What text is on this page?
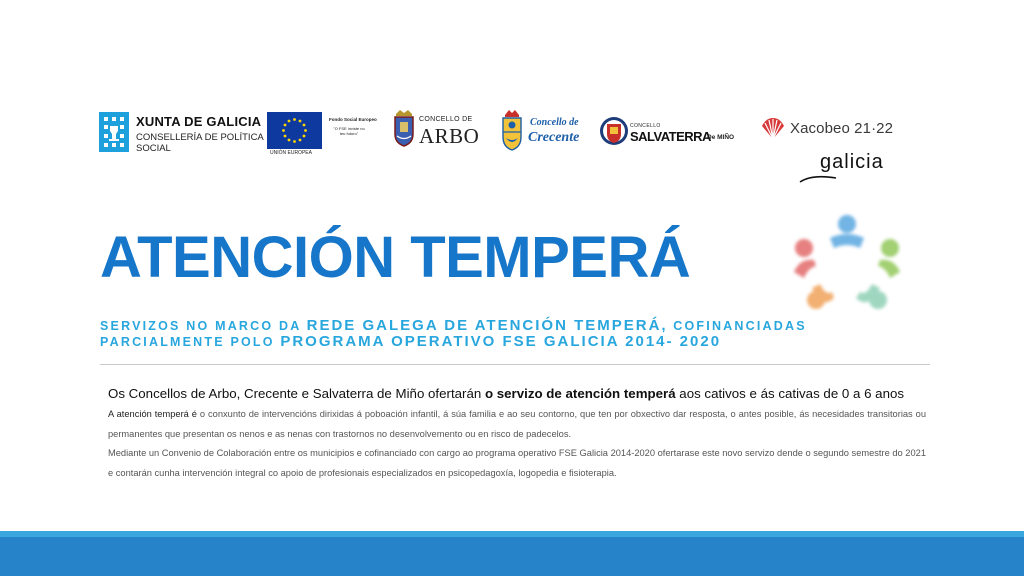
XUNTA DE GALICIA
CONSELLERÍA DE POLÍTICA SOCIAL	UNIÓN EUROPEA
Fondo Social Europeo
"O FSE inviste no teu futuro"
CONCELLO DE
ARBO
Concello de
Crecente
CONCELLO
SALVATERRA
De MIÑO
Xacobeo 21·22
galicia
ATENCIÓN TEMPERÁ
SERVIZOS NO MARCO DA REDE GALEGA DE ATENCIÓN TEMPERÁ, COFINANCIADAS
PARCIALMENTE POLO PROGRAMA OPERATIVO FSE GALICIA 2014- 2020

Os Concellos de Arbo, Crecente e Salvaterra de Miño ofertarán o servizo de atención temperá aos cativos e ás cativas de 0 a 6 anos

A atención temperá é o conxunto de intervencións dirixidas á poboación infantil, á súa familia e ao seu contorno, que ten por obxectivo dar resposta, o antes posible, ás necesidades transitorias ou permanentes que presentan os nenos e as nenas con trastornos no desenvolvemento ou en risco de padecelos.

Mediante un Convenio de Colaboración entre os municipios e cofinanciado con cargo ao programa operativo FSE Galicia 2014-2020 ofertarase este novo servizo dende o segundo semestre do 2021 e contarán cunha intervención integral co apoio de profesionais especializados en psicopedagoxía, logopedia e fisioterapia.
